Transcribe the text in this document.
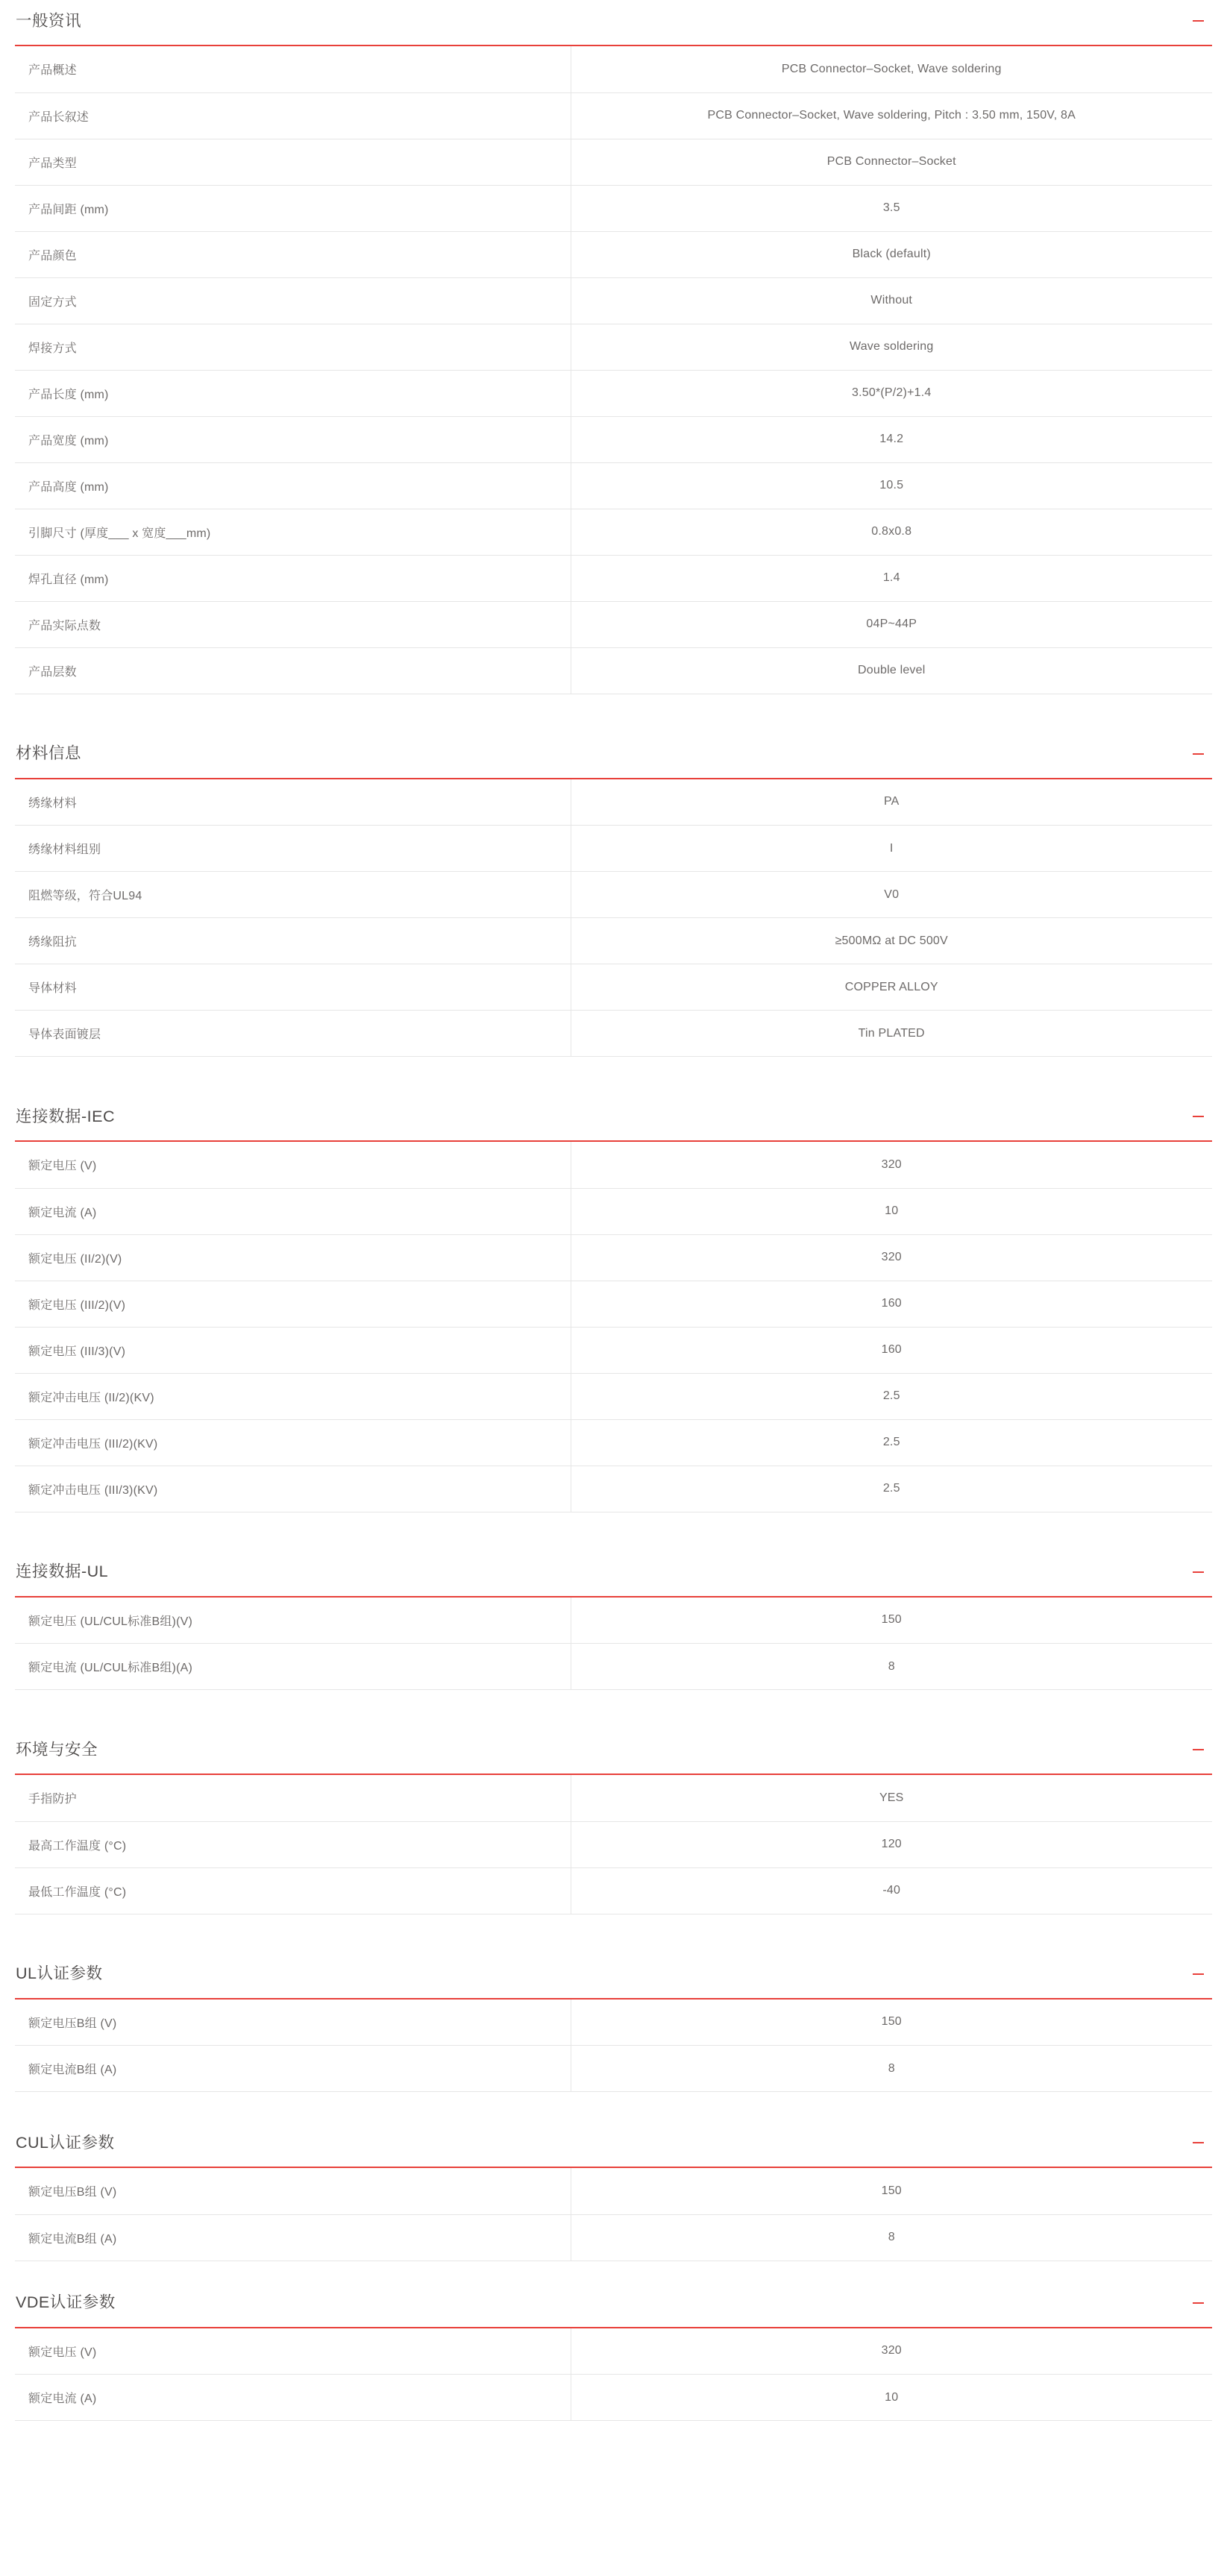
一般资讯
产品概述	PCB Connector–Socket, Wave soldering
产品长叙述	PCB Connector–Socket, Wave soldering, Pitch : 3.50 mm, 150V, 8A
产品类型	PCB Connector–Socket
产品间距 (mm)	3.5
产品颜色	Black (default)
固定方式	Without
焊接方式	Wave soldering
产品长度 (mm)	3.50*(P/2)+1.4
产品宽度 (mm)	14.2
产品高度 (mm)	10.5
引脚尺寸 (厚度___ x 宽度___mm)	0.8x0.8
焊孔直径 (mm)	1.4
产品实际点数	04P~44P
产品层数	Double level
材料信息
绣缘材料	PA
绣缘材料组别	I
阻燃等级，符合UL94	V0
绣缘阻抗	≥500MΩ at DC 500V
导体材料	COPPER ALLOY
导体表面镀层	Tin PLATED
连接数据-IEC
额定电压 (V)	320
额定电流 (A)	10
额定电压 (II/2)(V)	320
额定电压 (III/2)(V)	160
额定电压 (III/3)(V)	160
额定冲击电压 (II/2)(KV)	2.5
额定冲击电压 (III/2)(KV)	2.5
额定冲击电压 (III/3)(KV)	2.5
连接数据-UL
额定电压 (UL/CUL标准B组)(V)	150
额定电流 (UL/CUL标准B组)(A)	8
环境与安全
手指防护	YES
最高工作温度 (°C)	120
最低工作温度 (°C)	-40
UL认证参数
额定电压B组 (V)	150
额定电流B组 (A)	8
CUL认证参数
额定电压B组 (V)	150
额定电流B组 (A)	8
VDE认证参数
额定电压 (V)	320
额定电流 (A)	10
